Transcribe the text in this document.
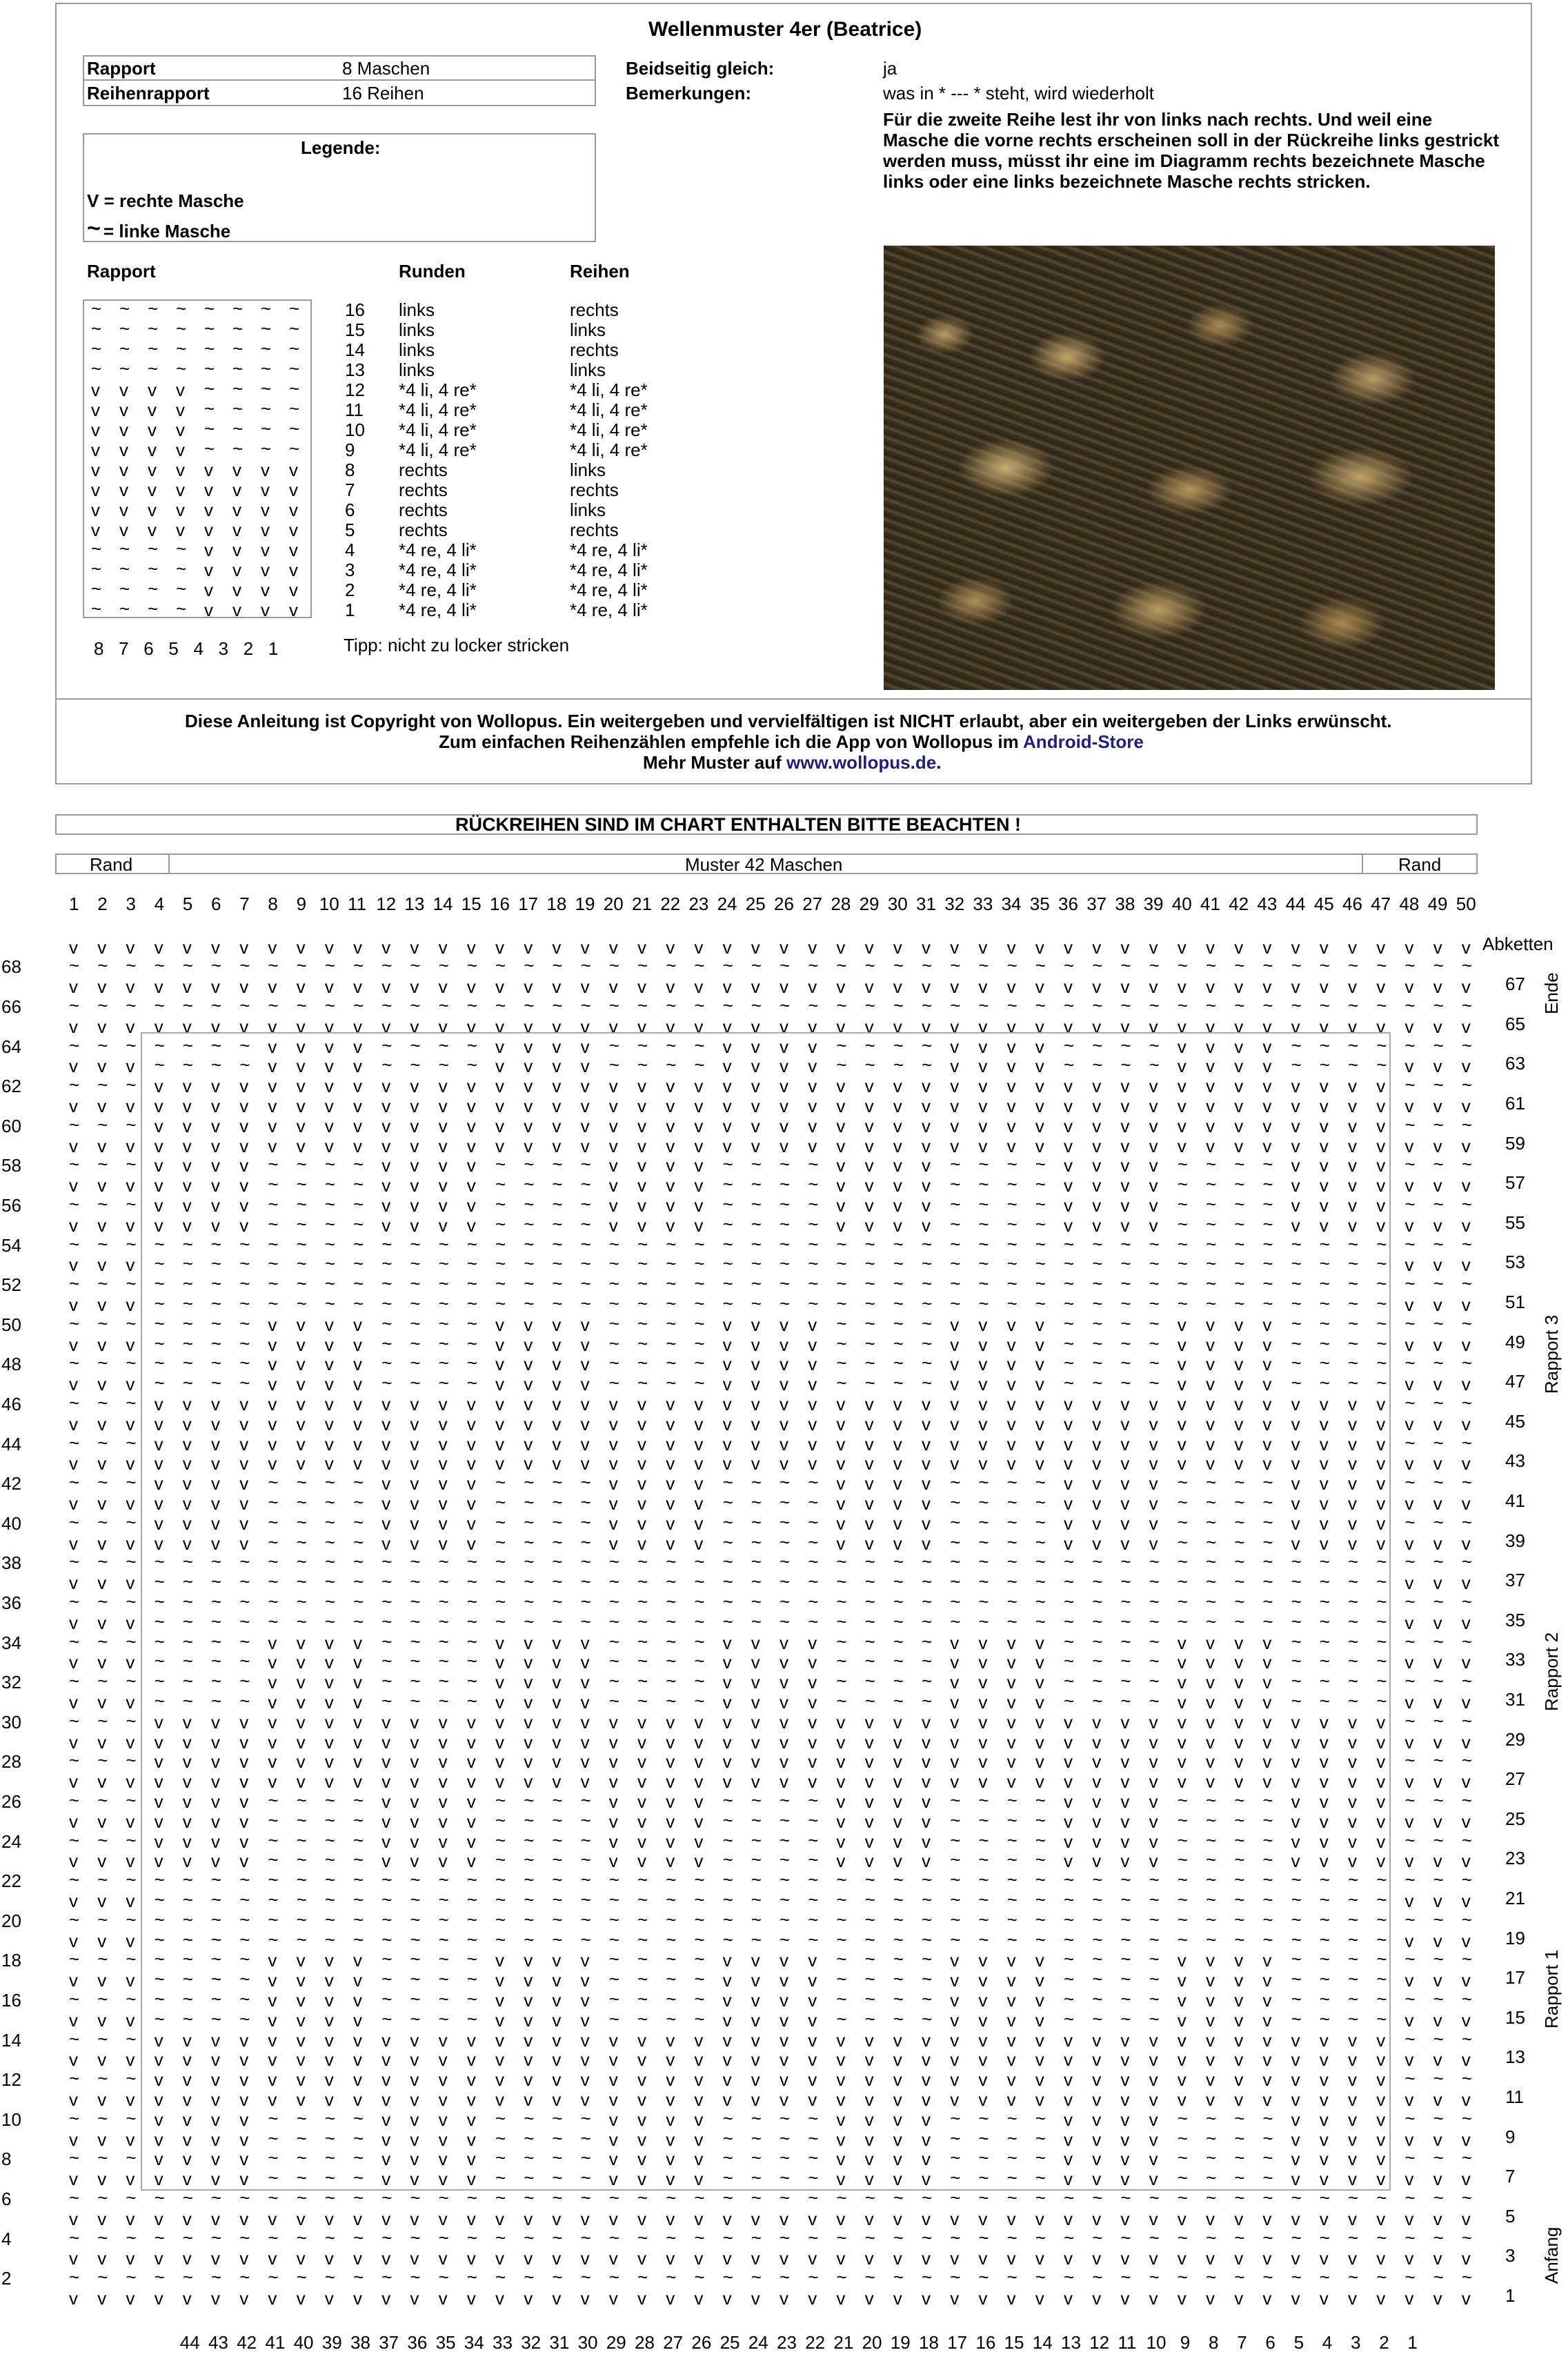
Wellenmuster 4er (Beatrice)
Rapport	8 Maschen
Reihenrapport	16 Reihen
Beidseitig gleich:	ja
Bemerkungen:	was in * --- * steht, wird wiederholt
Für die zweite Reihe lest ihr von links nach rechts. Und weil eine
Masche die vorne rechts erscheinen soll in der Rückreihe links gestrickt
werden muss, müsst ihr eine im Diagramm rechts bezeichnete Masche
links oder eine links bezeichnete Masche rechts stricken.
Legende:
V = rechte Masche
~ = linke Masche
Rapport	Runden	Reihen
~ ~ ~ ~ ~ ~ ~ ~	16 links	rechts
~ ~ ~ ~ ~ ~ ~ ~	15 links	links
~ ~ ~ ~ ~ ~ ~ ~	14 links	rechts
~ ~ ~ ~ ~ ~ ~ ~	13 links	links
v v v v ~ ~ ~ ~	12 *4 li, 4 re*	*4 li, 4 re*
v v v v ~ ~ ~ ~	11 *4 li, 4 re*	*4 li, 4 re*
v v v v ~ ~ ~ ~	10 *4 li, 4 re*	*4 li, 4 re*
v v v v ~ ~ ~ ~	9 *4 li, 4 re*	*4 li, 4 re*
v v v v v v v v	8 rechts	links
v v v v v v v v	7 rechts	rechts
v v v v v v v v	6 rechts	links
v v v v v v v v	5 rechts	rechts
~ ~ ~ ~ v v v v	4 *4 re, 4 li*	*4 re, 4 li*
~ ~ ~ ~ v v v v	3 *4 re, 4 li*	*4 re, 4 li*
~ ~ ~ ~ v v v v	2 *4 re, 4 li*	*4 re, 4 li*
~ ~ ~ ~ v v v v	1 *4 re, 4 li*	*4 re, 4 li*
8   7   6   5   4   3   2   1	Tipp: nicht zu locker stricken
Diese Anleitung ist Copyright von Wollopus. Ein weitergeben und vervielfältigen ist NICHT erlaubt, aber ein weitergeben der Links erwünscht.
Zum einfachen Reihenzählen empfehle ich die App von Wollopus im Android-Store
Mehr Muster auf www.wollopus.de.
RÜCKREIHEN SIND IM CHART ENTHALTEN BITTE BEACHTEN !
Rand	Muster 42 Maschen	Rand
1 2 3 4 5 6 7 8 9 10 11 12 13 14 15 16 17 18 19 20 21 22 23 24 25 26 27 28 29 30 31 32 33 34 35 36 37 38 39 40 41 42 43 44 45 46 47 48 49 50
44 43 42 41 40 39 38 37 36 35 34 33 32 31 30 29 28 27 26 25 24 23 22 21 20 19 18 17 16 15 14 13 12 11 10 9 8 7 6 5 4 3 2 1
v v v v v v v v v v v v v v v v v v v v v v v v v v v v v v v v v v v v v v v v v v v v v v v v v v 1
~ ~ ~ ~ ~ ~ ~ ~ ~ ~ ~ ~ ~ ~ ~ ~ ~ ~ ~ ~ ~ ~ ~ ~ ~ ~ ~ ~ ~ ~ ~ ~ ~ ~ ~ ~ ~ ~ ~ ~ ~ ~ ~ ~ ~ ~ ~ ~ ~ ~
2
v v v v v v v v v v v v v v v v v v v v v v v v v v v v v v v v v v v v v v v v v v v v v v v v v v 3
~ ~ ~ ~ ~ ~ ~ ~ ~ ~ ~ ~ ~ ~ ~ ~ ~ ~ ~ ~ ~ ~ ~ ~ ~ ~ ~ ~ ~ ~ ~ ~ ~ ~ ~ ~ ~ ~ ~ ~ ~ ~ ~ ~ ~ ~ ~ ~ ~ ~
4
v v v v v v v v v v v v v v v v v v v v v v v v v v v v v v v v v v v v v v v v v v v v v v v v v v 5
~ ~ ~ ~ ~ ~ ~ ~ ~ ~ ~ ~ ~ ~ ~ ~ ~ ~ ~ ~ ~ ~ ~ ~ ~ ~ ~ ~ ~ ~ ~ ~ ~ ~ ~ ~ ~ ~ ~ ~ ~ ~ ~ ~ ~ ~ ~ ~ ~ ~
6
v v v v v v v ~ ~ ~ ~ v v v v ~ ~ ~ ~ v v v v ~ ~ ~ ~ v v v v ~ ~ ~ ~ v v v v ~ ~ ~ ~ v v v v v v v 7
~ ~ ~ v v v v ~ ~ ~ ~ v v v v ~ ~ ~ ~ v v v v ~ ~ ~ ~ v v v v ~ ~ ~ ~ v v v v ~ ~ ~ ~ v v v v ~ ~ ~
8
v v v v v v v ~ ~ ~ ~ v v v v ~ ~ ~ ~ v v v v ~ ~ ~ ~ v v v v ~ ~ ~ ~ v v v v ~ ~ ~ ~ v v v v v v v 9
~ ~ ~ v v v v ~ ~ ~ ~ v v v v ~ ~ ~ ~ v v v v ~ ~ ~ ~ v v v v ~ ~ ~ ~ v v v v ~ ~ ~ ~ v v v v ~ ~ ~
10
v v v v v v v v v v v v v v v v v v v v v v v v v v v v v v v v v v v v v v v v v v v v v v v v v v 11
~ ~ ~ v v v v v v v v v v v v v v v v v v v v v v v v v v v v v v v v v v v v v v v v v v v v ~ ~ ~
12
v v v v v v v v v v v v v v v v v v v v v v v v v v v v v v v v v v v v v v v v v v v v v v v v v v 13
~ ~ ~ v v v v v v v v v v v v v v v v v v v v v v v v v v v v v v v v v v v v v v v v v v v v ~ ~ ~
14
v v v ~ ~ ~ ~ v v v v ~ ~ ~ ~ v v v v ~ ~ ~ ~ v v v v ~ ~ ~ ~ v v v v ~ ~ ~ ~ v v v v ~ ~ ~ ~ v v v 15
~ ~ ~ ~ ~ ~ ~ v v v v ~ ~ ~ ~ v v v v ~ ~ ~ ~ v v v v ~ ~ ~ ~ v v v v ~ ~ ~ ~ v v v v ~ ~ ~ ~ ~ ~ ~
16
v v v ~ ~ ~ ~ v v v v ~ ~ ~ ~ v v v v ~ ~ ~ ~ v v v v ~ ~ ~ ~ v v v v ~ ~ ~ ~ v v v v ~ ~ ~ ~ v v v 17
~ ~ ~ ~ ~ ~ ~ v v v v ~ ~ ~ ~ v v v v ~ ~ ~ ~ v v v v ~ ~ ~ ~ v v v v ~ ~ ~ ~ v v v v ~ ~ ~ ~ ~ ~ ~
18
v v v ~ ~ ~ ~ ~ ~ ~ ~ ~ ~ ~ ~ ~ ~ ~ ~ ~ ~ ~ ~ ~ ~ ~ ~ ~ ~ ~ ~ ~ ~ ~ ~ ~ ~ ~ ~ ~ ~ ~ ~ ~ ~ ~ ~ v v v 19
~ ~ ~ ~ ~ ~ ~ ~ ~ ~ ~ ~ ~ ~ ~ ~ ~ ~ ~ ~ ~ ~ ~ ~ ~ ~ ~ ~ ~ ~ ~ ~ ~ ~ ~ ~ ~ ~ ~ ~ ~ ~ ~ ~ ~ ~ ~ ~ ~ ~
20
v v v ~ ~ ~ ~ ~ ~ ~ ~ ~ ~ ~ ~ ~ ~ ~ ~ ~ ~ ~ ~ ~ ~ ~ ~ ~ ~ ~ ~ ~ ~ ~ ~ ~ ~ ~ ~ ~ ~ ~ ~ ~ ~ ~ ~ v v v 21
~ ~ ~ ~ ~ ~ ~ ~ ~ ~ ~ ~ ~ ~ ~ ~ ~ ~ ~ ~ ~ ~ ~ ~ ~ ~ ~ ~ ~ ~ ~ ~ ~ ~ ~ ~ ~ ~ ~ ~ ~ ~ ~ ~ ~ ~ ~ ~ ~ ~
22
v v v v v v v ~ ~ ~ ~ v v v v ~ ~ ~ ~ v v v v ~ ~ ~ ~ v v v v ~ ~ ~ ~ v v v v ~ ~ ~ ~ v v v v v v v 23
~ ~ ~ v v v v ~ ~ ~ ~ v v v v ~ ~ ~ ~ v v v v ~ ~ ~ ~ v v v v ~ ~ ~ ~ v v v v ~ ~ ~ ~ v v v v ~ ~ ~
24
v v v v v v v ~ ~ ~ ~ v v v v ~ ~ ~ ~ v v v v ~ ~ ~ ~ v v v v ~ ~ ~ ~ v v v v ~ ~ ~ ~ v v v v v v v 25
~ ~ ~ v v v v ~ ~ ~ ~ v v v v ~ ~ ~ ~ v v v v ~ ~ ~ ~ v v v v ~ ~ ~ ~ v v v v ~ ~ ~ ~ v v v v ~ ~ ~
26
v v v v v v v v v v v v v v v v v v v v v v v v v v v v v v v v v v v v v v v v v v v v v v v v v v 27
~ ~ ~ v v v v v v v v v v v v v v v v v v v v v v v v v v v v v v v v v v v v v v v v v v v v ~ ~ ~
28
v v v v v v v v v v v v v v v v v v v v v v v v v v v v v v v v v v v v v v v v v v v v v v v v v v 29
~ ~ ~ v v v v v v v v v v v v v v v v v v v v v v v v v v v v v v v v v v v v v v v v v v v v ~ ~ ~
30
v v v ~ ~ ~ ~ v v v v ~ ~ ~ ~ v v v v ~ ~ ~ ~ v v v v ~ ~ ~ ~ v v v v ~ ~ ~ ~ v v v v ~ ~ ~ ~ v v v 31
~ ~ ~ ~ ~ ~ ~ v v v v ~ ~ ~ ~ v v v v ~ ~ ~ ~ v v v v ~ ~ ~ ~ v v v v ~ ~ ~ ~ v v v v ~ ~ ~ ~ ~ ~ ~
32
v v v ~ ~ ~ ~ v v v v ~ ~ ~ ~ v v v v ~ ~ ~ ~ v v v v ~ ~ ~ ~ v v v v ~ ~ ~ ~ v v v v ~ ~ ~ ~ v v v 33
~ ~ ~ ~ ~ ~ ~ v v v v ~ ~ ~ ~ v v v v ~ ~ ~ ~ v v v v ~ ~ ~ ~ v v v v ~ ~ ~ ~ v v v v ~ ~ ~ ~ ~ ~ ~
34
v v v ~ ~ ~ ~ ~ ~ ~ ~ ~ ~ ~ ~ ~ ~ ~ ~ ~ ~ ~ ~ ~ ~ ~ ~ ~ ~ ~ ~ ~ ~ ~ ~ ~ ~ ~ ~ ~ ~ ~ ~ ~ ~ ~ ~ v v v 35
~ ~ ~ ~ ~ ~ ~ ~ ~ ~ ~ ~ ~ ~ ~ ~ ~ ~ ~ ~ ~ ~ ~ ~ ~ ~ ~ ~ ~ ~ ~ ~ ~ ~ ~ ~ ~ ~ ~ ~ ~ ~ ~ ~ ~ ~ ~ ~ ~ ~
36
v v v ~ ~ ~ ~ ~ ~ ~ ~ ~ ~ ~ ~ ~ ~ ~ ~ ~ ~ ~ ~ ~ ~ ~ ~ ~ ~ ~ ~ ~ ~ ~ ~ ~ ~ ~ ~ ~ ~ ~ ~ ~ ~ ~ ~ v v v 37
~ ~ ~ ~ ~ ~ ~ ~ ~ ~ ~ ~ ~ ~ ~ ~ ~ ~ ~ ~ ~ ~ ~ ~ ~ ~ ~ ~ ~ ~ ~ ~ ~ ~ ~ ~ ~ ~ ~ ~ ~ ~ ~ ~ ~ ~ ~ ~ ~ ~
38
v v v v v v v ~ ~ ~ ~ v v v v ~ ~ ~ ~ v v v v ~ ~ ~ ~ v v v v ~ ~ ~ ~ v v v v ~ ~ ~ ~ v v v v v v v 39
~ ~ ~ v v v v ~ ~ ~ ~ v v v v ~ ~ ~ ~ v v v v ~ ~ ~ ~ v v v v ~ ~ ~ ~ v v v v ~ ~ ~ ~ v v v v ~ ~ ~
40
v v v v v v v ~ ~ ~ ~ v v v v ~ ~ ~ ~ v v v v ~ ~ ~ ~ v v v v ~ ~ ~ ~ v v v v ~ ~ ~ ~ v v v v v v v 41
~ ~ ~ v v v v ~ ~ ~ ~ v v v v ~ ~ ~ ~ v v v v ~ ~ ~ ~ v v v v ~ ~ ~ ~ v v v v ~ ~ ~ ~ v v v v ~ ~ ~
42
v v v v v v v v v v v v v v v v v v v v v v v v v v v v v v v v v v v v v v v v v v v v v v v v v v 43
~ ~ ~ v v v v v v v v v v v v v v v v v v v v v v v v v v v v v v v v v v v v v v v v v v v v ~ ~ ~
44
v v v v v v v v v v v v v v v v v v v v v v v v v v v v v v v v v v v v v v v v v v v v v v v v v v 45
~ ~ ~ v v v v v v v v v v v v v v v v v v v v v v v v v v v v v v v v v v v v v v v v v v v v ~ ~ ~
46
v v v ~ ~ ~ ~ v v v v ~ ~ ~ ~ v v v v ~ ~ ~ ~ v v v v ~ ~ ~ ~ v v v v ~ ~ ~ ~ v v v v ~ ~ ~ ~ v v v 47
~ ~ ~ ~ ~ ~ ~ v v v v ~ ~ ~ ~ v v v v ~ ~ ~ ~ v v v v ~ ~ ~ ~ v v v v ~ ~ ~ ~ v v v v ~ ~ ~ ~ ~ ~ ~
48
v v v ~ ~ ~ ~ v v v v ~ ~ ~ ~ v v v v ~ ~ ~ ~ v v v v ~ ~ ~ ~ v v v v ~ ~ ~ ~ v v v v ~ ~ ~ ~ v v v 49
~ ~ ~ ~ ~ ~ ~ v v v v ~ ~ ~ ~ v v v v ~ ~ ~ ~ v v v v ~ ~ ~ ~ v v v v ~ ~ ~ ~ v v v v ~ ~ ~ ~ ~ ~ ~
50
v v v ~ ~ ~ ~ ~ ~ ~ ~ ~ ~ ~ ~ ~ ~ ~ ~ ~ ~ ~ ~ ~ ~ ~ ~ ~ ~ ~ ~ ~ ~ ~ ~ ~ ~ ~ ~ ~ ~ ~ ~ ~ ~ ~ ~ v v v 51
~ ~ ~ ~ ~ ~ ~ ~ ~ ~ ~ ~ ~ ~ ~ ~ ~ ~ ~ ~ ~ ~ ~ ~ ~ ~ ~ ~ ~ ~ ~ ~ ~ ~ ~ ~ ~ ~ ~ ~ ~ ~ ~ ~ ~ ~ ~ ~ ~ ~
52
v v v ~ ~ ~ ~ ~ ~ ~ ~ ~ ~ ~ ~ ~ ~ ~ ~ ~ ~ ~ ~ ~ ~ ~ ~ ~ ~ ~ ~ ~ ~ ~ ~ ~ ~ ~ ~ ~ ~ ~ ~ ~ ~ ~ ~ v v v 53
~ ~ ~ ~ ~ ~ ~ ~ ~ ~ ~ ~ ~ ~ ~ ~ ~ ~ ~ ~ ~ ~ ~ ~ ~ ~ ~ ~ ~ ~ ~ ~ ~ ~ ~ ~ ~ ~ ~ ~ ~ ~ ~ ~ ~ ~ ~ ~ ~ ~
54
v v v v v v v ~ ~ ~ ~ v v v v ~ ~ ~ ~ v v v v ~ ~ ~ ~ v v v v ~ ~ ~ ~ v v v v ~ ~ ~ ~ v v v v v v v 55
~ ~ ~ v v v v ~ ~ ~ ~ v v v v ~ ~ ~ ~ v v v v ~ ~ ~ ~ v v v v ~ ~ ~ ~ v v v v ~ ~ ~ ~ v v v v ~ ~ ~
56
v v v v v v v ~ ~ ~ ~ v v v v ~ ~ ~ ~ v v v v ~ ~ ~ ~ v v v v ~ ~ ~ ~ v v v v ~ ~ ~ ~ v v v v v v v 57
~ ~ ~ v v v v ~ ~ ~ ~ v v v v ~ ~ ~ ~ v v v v ~ ~ ~ ~ v v v v ~ ~ ~ ~ v v v v ~ ~ ~ ~ v v v v ~ ~ ~
58
v v v v v v v v v v v v v v v v v v v v v v v v v v v v v v v v v v v v v v v v v v v v v v v v v v 59
~ ~ ~ v v v v v v v v v v v v v v v v v v v v v v v v v v v v v v v v v v v v v v v v v v v v ~ ~ ~
60
v v v v v v v v v v v v v v v v v v v v v v v v v v v v v v v v v v v v v v v v v v v v v v v v v v 61
~ ~ ~ v v v v v v v v v v v v v v v v v v v v v v v v v v v v v v v v v v v v v v v v v v v v ~ ~ ~
62
v v v ~ ~ ~ ~ v v v v ~ ~ ~ ~ v v v v ~ ~ ~ ~ v v v v ~ ~ ~ ~ v v v v ~ ~ ~ ~ v v v v ~ ~ ~ ~ v v v 63
~ ~ ~ ~ ~ ~ ~ v v v v ~ ~ ~ ~ v v v v ~ ~ ~ ~ v v v v ~ ~ ~ ~ v v v v ~ ~ ~ ~ v v v v ~ ~ ~ ~ ~ ~ ~
64
v v v v v v v v v v v v v v v v v v v v v v v v v v v v v v v v v v v v v v v v v v v v v v v v v v 65
~ ~ ~ ~ ~ ~ ~ ~ ~ ~ ~ ~ ~ ~ ~ ~ ~ ~ ~ ~ ~ ~ ~ ~ ~ ~ ~ ~ ~ ~ ~ ~ ~ ~ ~ ~ ~ ~ ~ ~ ~ ~ ~ ~ ~ ~ ~ ~ ~ ~
66
v v v v v v v v v v v v v v v v v v v v v v v v v v v v v v v v v v v v v v v v v v v v v v v v v v 67
~ ~ ~ ~ ~ ~ ~ ~ ~ ~ ~ ~ ~ ~ ~ ~ ~ ~ ~ ~ ~ ~ ~ ~ ~ ~ ~ ~ ~ ~ ~ ~ ~ ~ ~ ~ ~ ~ ~ ~ ~ ~ ~ ~ ~ ~ ~ ~ ~ ~
68
v v v v v v v v v v v v v v v v v v v v v v v v v v v v v v v v v v v v v v v v v v v v v v v v v v Abketten
Ende
Rapport 3
Rapport 2
Rapport 1
Anfang
